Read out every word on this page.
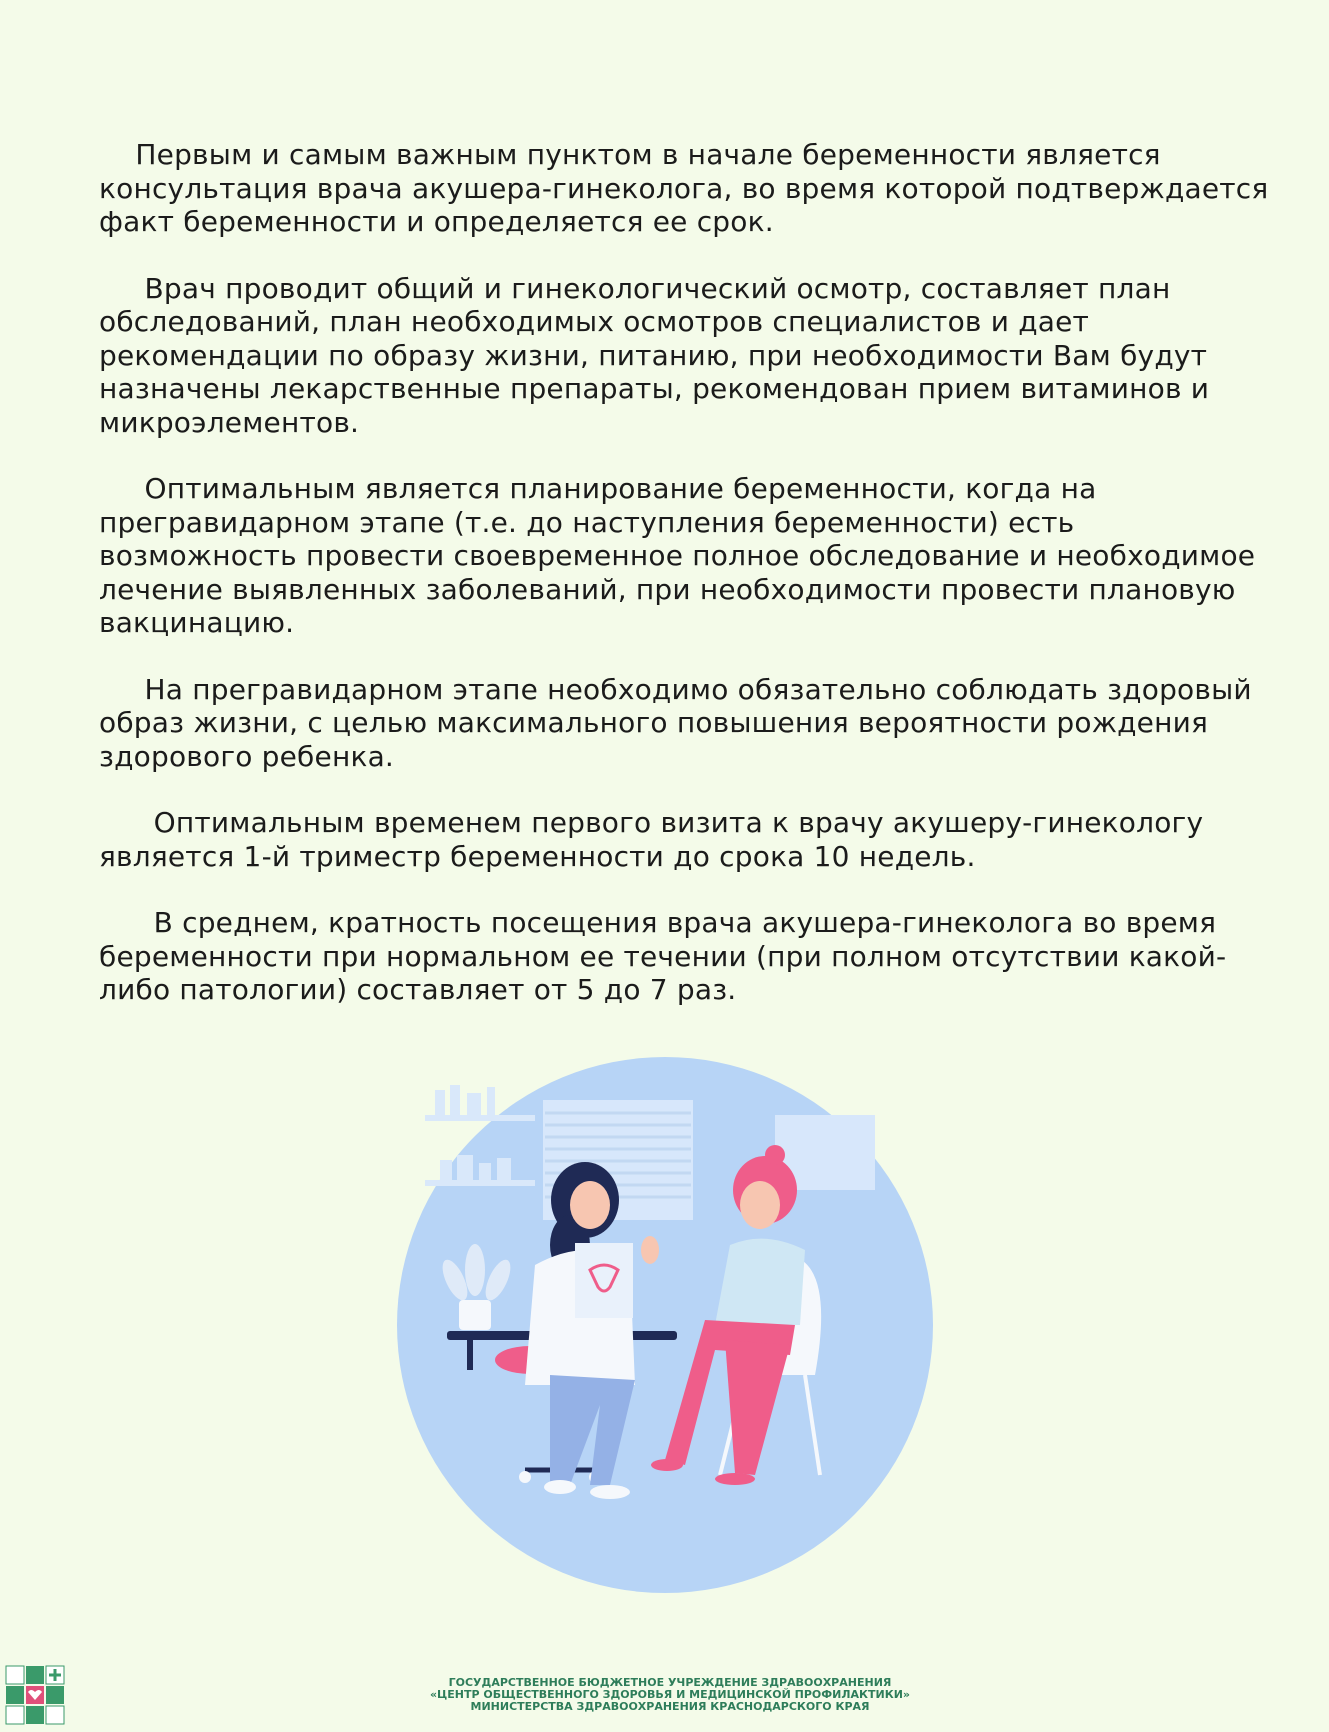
Первым и самым важным пунктом в начале беременности является консультация врача акушера-гинеколога, во время которой подтверждается факт беременности и определяется ее срок.

Врач проводит общий и гинекологический осмотр, составляет план обследований, план необходимых осмотров специалистов и дает рекомендации по образу жизни, питанию, при необходимости Вам будут назначены лекарственные препараты, рекомендован прием витаминов и микроэлементов.

Оптимальным является планирование беременности, когда на прегравидарном этапе (т.е. до наступления беременности) есть возможность провести своевременное полное обследование и необходимое лечение выявленных заболеваний, при необходимости провести плановую вакцинацию.

На прегравидарном этапе необходимо обязательно соблюдать здоровый образ жизни, с целью максимального повышения вероятности рождения здорового ребенка.

Оптимальным временем первого визита к врачу акушеру-гинекологу является 1-й триместр беременности до срока 10 недель.

В среднем, кратность посещения врача акушера-гинеколога во время беременности при нормальном ее течении (при полном отсутствии какой-либо патологии) составляет от 5 до 7 раз.

ГОСУДАРСТВЕННОЕ БЮДЖЕТНОЕ УЧРЕЖДЕНИЕ ЗДРАВООХРАНЕНИЯ
«ЦЕНТР ОБЩЕСТВЕННОГО ЗДОРОВЬЯ И МЕДИЦИНСКОЙ ПРОФИЛАКТИКИ»
МИНИСТЕРСТВА ЗДРАВООХРАНЕНИЯ КРАСНОДАРСКОГО КРАЯ
